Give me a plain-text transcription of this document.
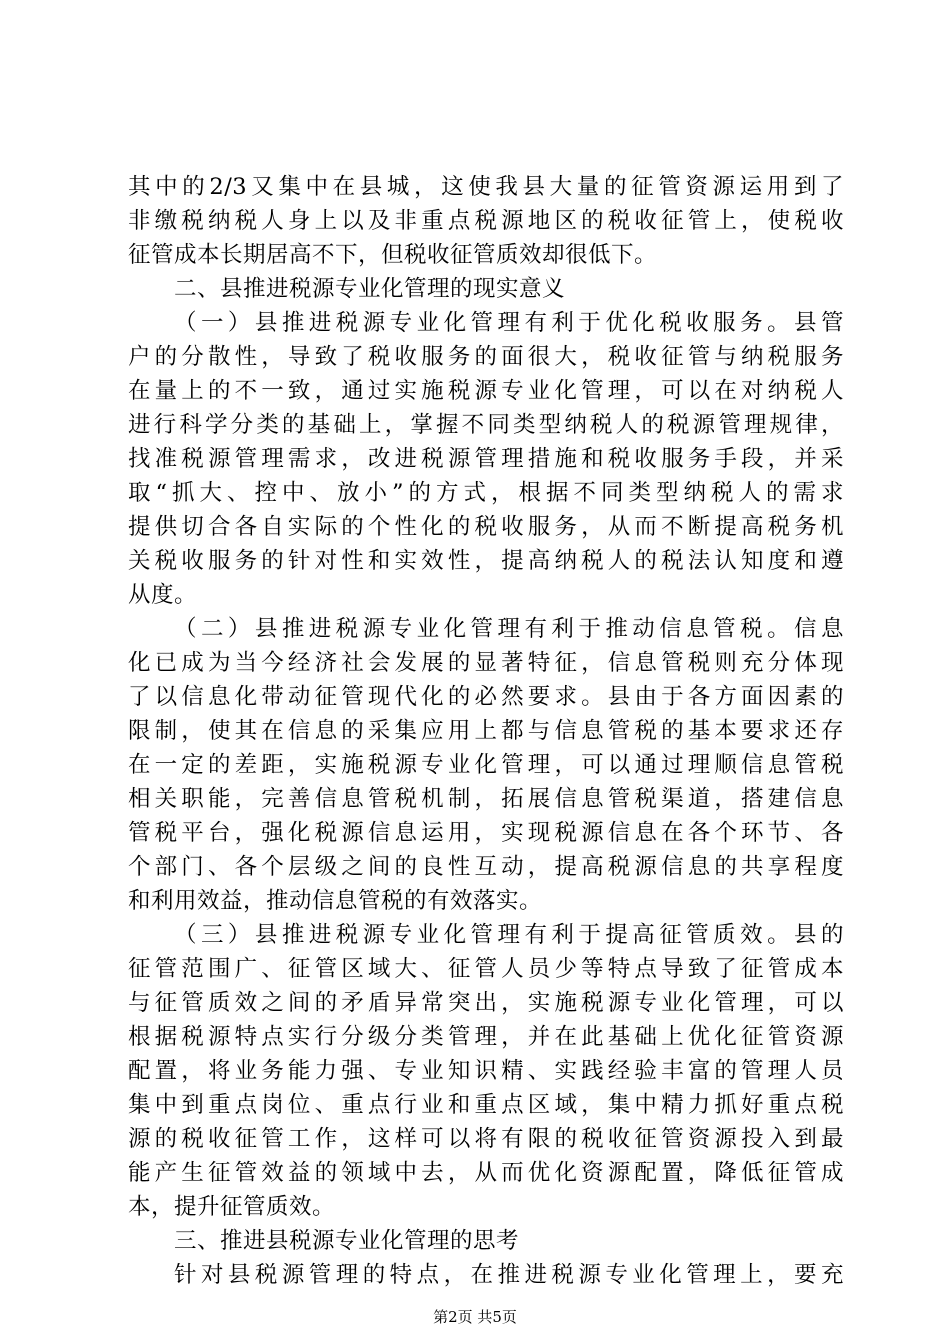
其中的2/3又集中在县城，这使我县大量的征管资源运用到了
非缴税纳税人身上以及非重点税源地区的税收征管上，使税收
征管成本长期居高不下，但税收征管质效却很低下。
二、县推进税源专业化管理的现实意义
（一）县推进税源专业化管理有利于优化税收服务。县管
户的分散性，导致了税收服务的面很大，税收征管与纳税服务
在量上的不一致，通过实施税源专业化管理，可以在对纳税人
进行科学分类的基础上，掌握不同类型纳税人的税源管理规律，
找准税源管理需求，改进税源管理措施和税收服务手段，并采
取“抓大、控中、放小”的方式，根据不同类型纳税人的需求
提供切合各自实际的个性化的税收服务，从而不断提高税务机
关税收服务的针对性和实效性，提高纳税人的税法认知度和遵
从度。
（二）县推进税源专业化管理有利于推动信息管税。信息
化已成为当今经济社会发展的显著特征，信息管税则充分体现
了以信息化带动征管现代化的必然要求。县由于各方面因素的
限制，使其在信息的采集应用上都与信息管税的基本要求还存
在一定的差距，实施税源专业化管理，可以通过理顺信息管税
相关职能，完善信息管税机制，拓展信息管税渠道，搭建信息
管税平台，强化税源信息运用，实现税源信息在各个环节、各
个部门、各个层级之间的良性互动，提高税源信息的共享程度
和利用效益，推动信息管税的有效落实。
（三）县推进税源专业化管理有利于提高征管质效。县的
征管范围广、征管区域大、征管人员少等特点导致了征管成本
与征管质效之间的矛盾异常突出，实施税源专业化管理，可以
根据税源特点实行分级分类管理，并在此基础上优化征管资源
配置，将业务能力强、专业知识精、实践经验丰富的管理人员
集中到重点岗位、重点行业和重点区域，集中精力抓好重点税
源的税收征管工作，这样可以将有限的税收征管资源投入到最
能产生征管效益的领域中去，从而优化资源配置，降低征管成
本，提升征管质效。
三、推进县税源专业化管理的思考
针对县税源管理的特点，在推进税源专业化管理上，要充
第2页 共5页
